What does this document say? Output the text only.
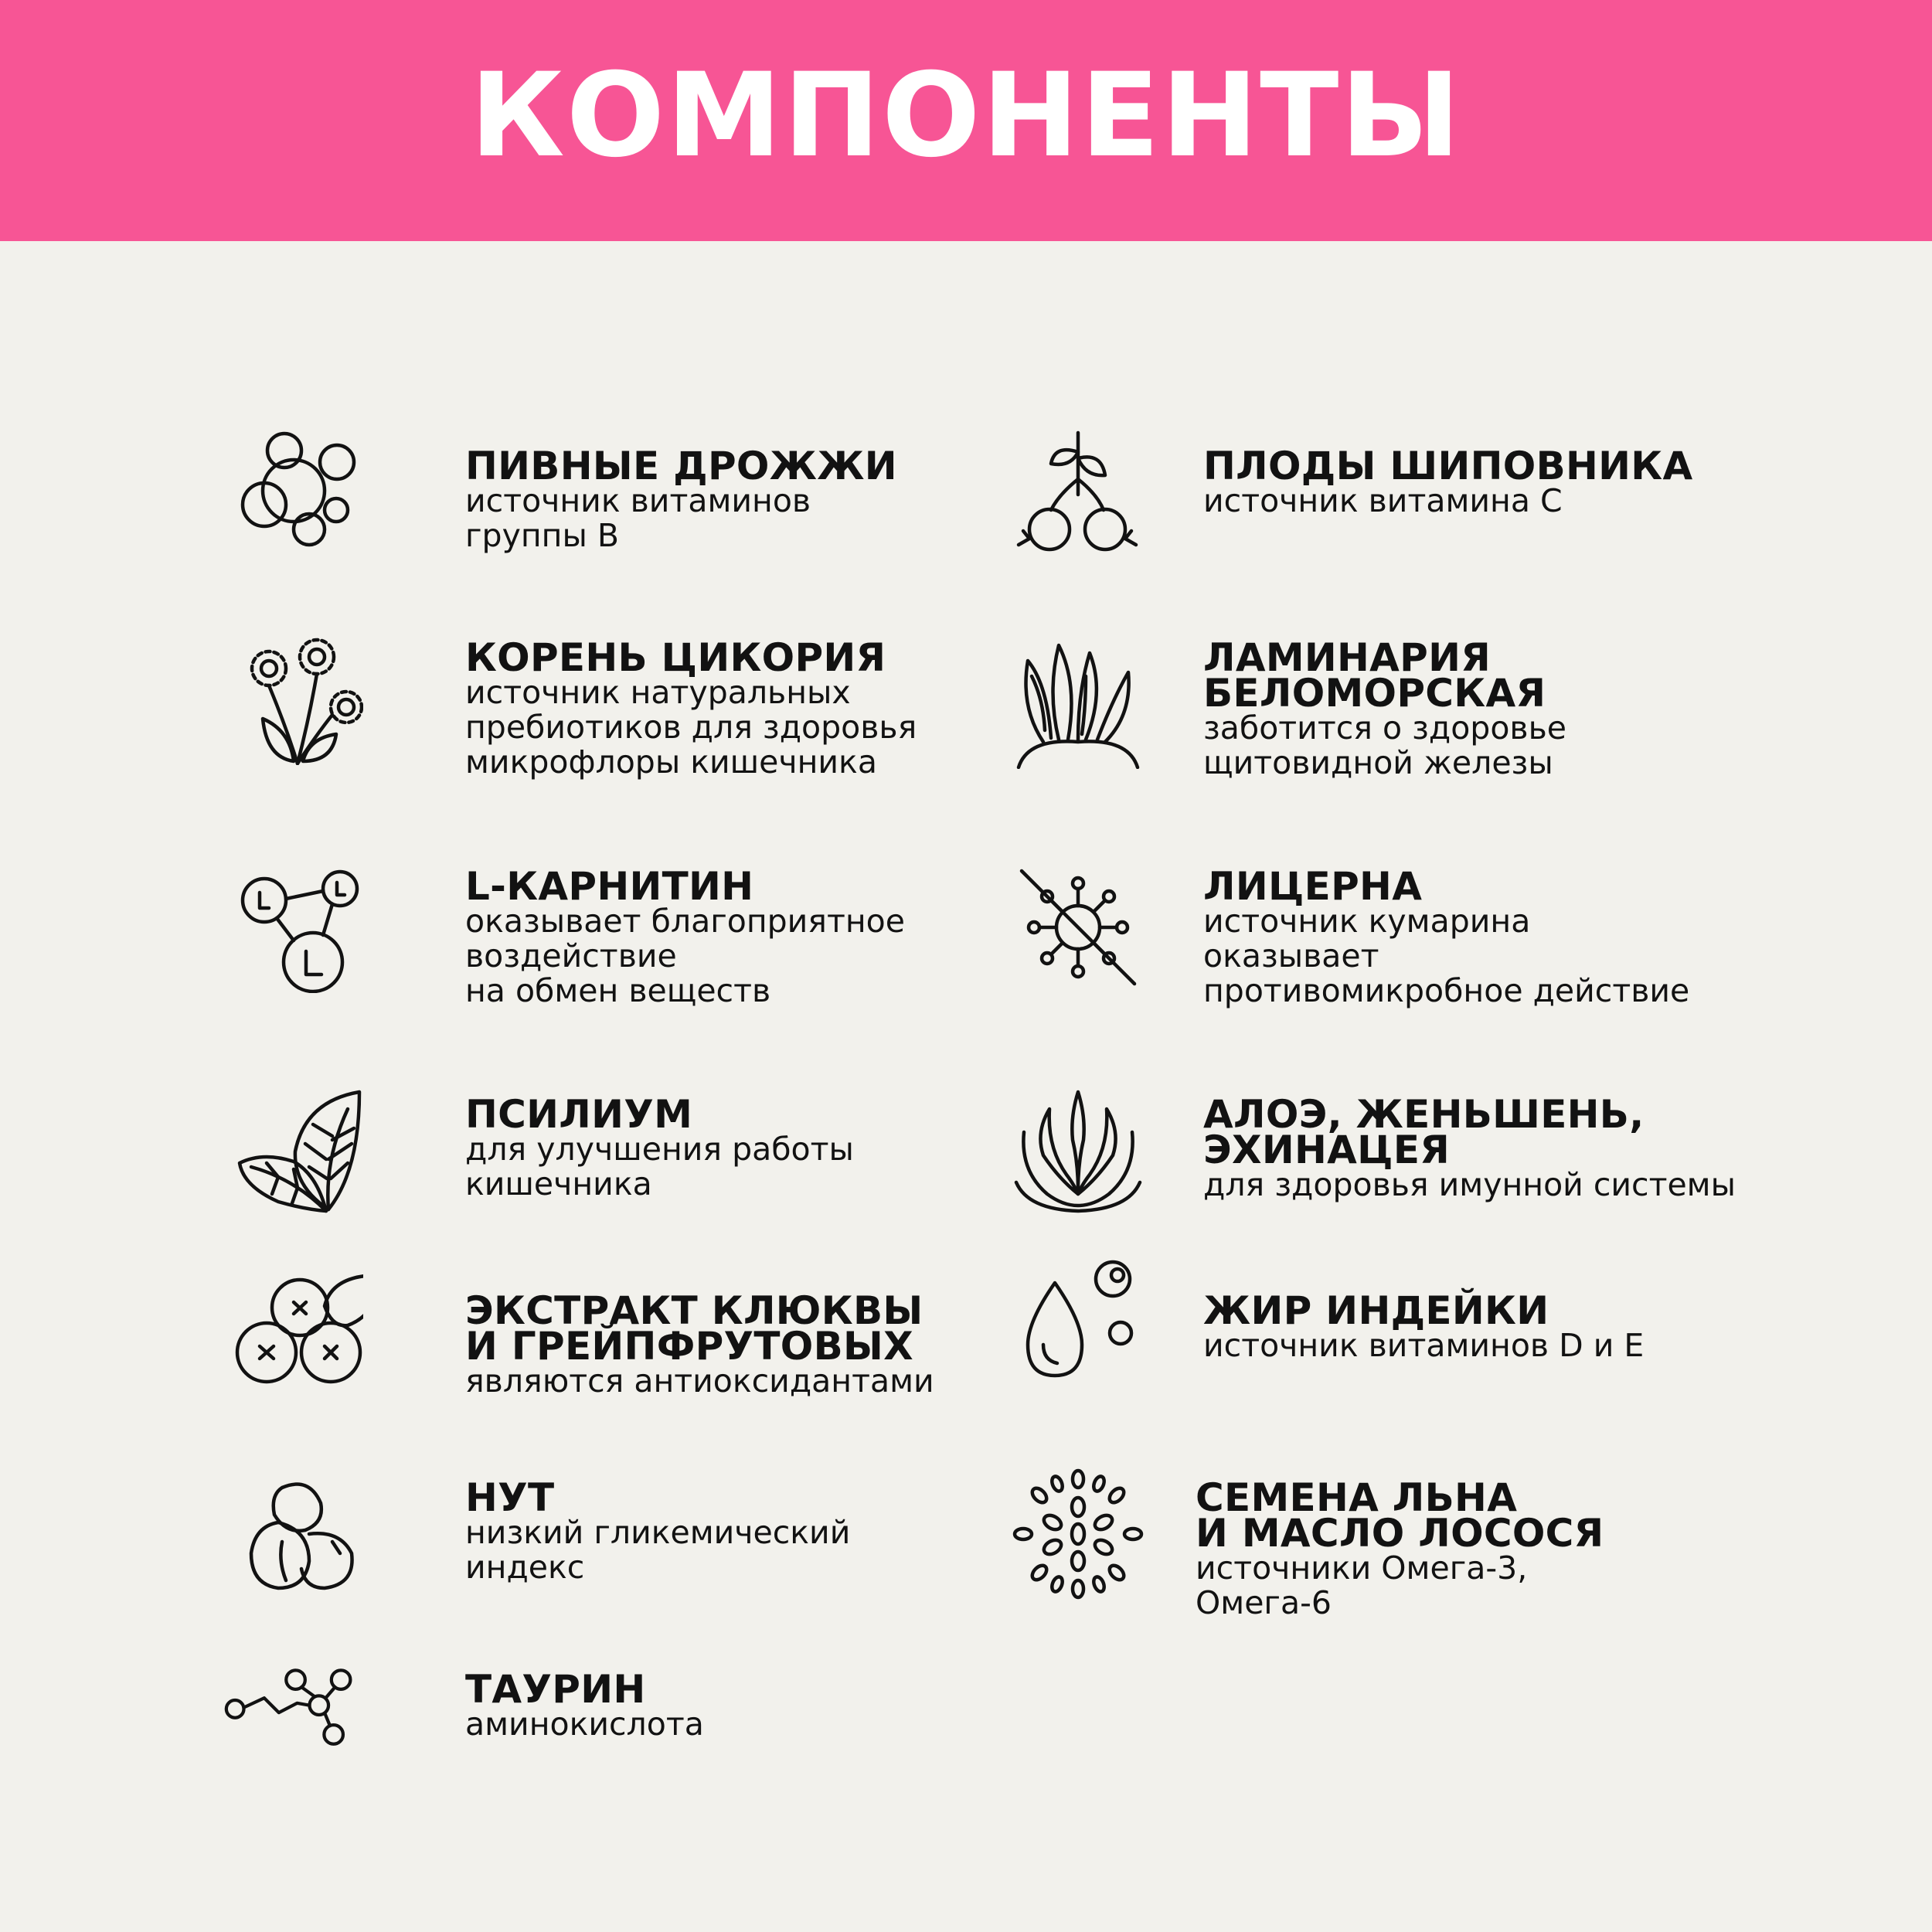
КОМПОНЕНТЫ

ПИВНЫЕ ДРОЖЖИ

источник витаминов

группы В

ПЛОДЫ ШИПОВНИКА

источник витамина С

КОРЕНЬ ЦИКОРИЯ

источник натуральных

пребиотиков для здоровья

микрофлоры кишечника

ЛАМИНАРИЯ

БЕЛОМОРСКАЯ

заботится о здоровье

щитовидной железы

L-КАРНИТИН

оказывает благоприятное

воздействие

на обмен веществ

ЛИЦЕРНА

источник кумарина

оказывает

противомикробное действие

ПСИЛИУМ

для улучшения работы

кишечника

АЛОЭ, ЖЕНЬШЕНЬ,

ЭХИНАЦЕЯ

для здоровья имунной системы

ЭКСТРАКТ КЛЮКВЫ

И ГРЕЙПФРУТОВЫХ

являются антиоксидантами

ЖИР ИНДЕЙКИ

источник витаминов D и E

НУТ

низкий гликемический

индекс

СЕМЕНА ЛЬНА

И МАСЛО ЛОСОСЯ

источники Омега-3,

Омега-6

ТАУРИН

аминокислота
